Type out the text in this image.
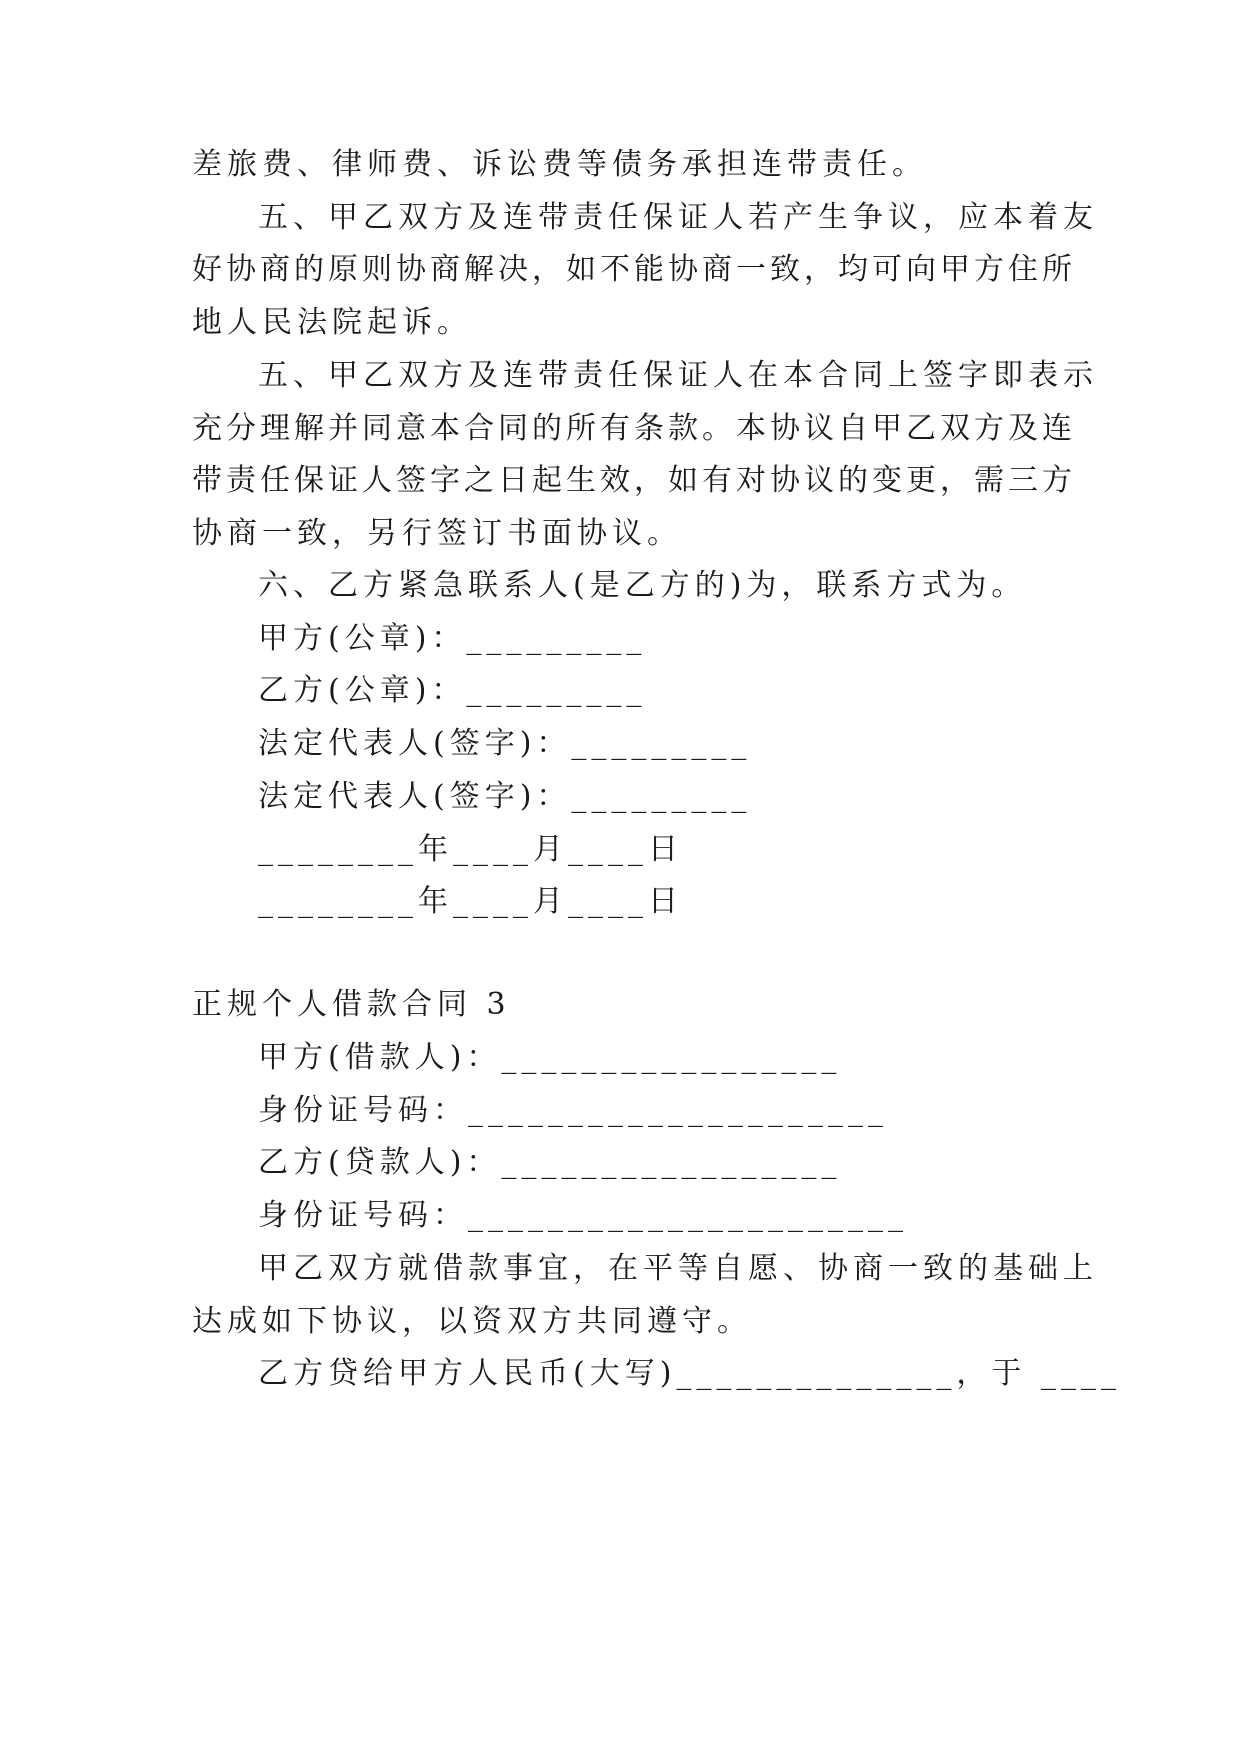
差旅费、律师费、诉讼费等债务承担连带责任。
五、甲乙双方及连带责任保证人若产生争议，应本着友
好协商的原则协商解决，如不能协商一致，均可向甲方住所
地人民法院起诉。
五、甲乙双方及连带责任保证人在本合同上签字即表示
充分理解并同意本合同的所有条款。本协议自甲乙双方及连
带责任保证人签字之日起生效，如有对协议的变更，需三方
协商一致，另行签订书面协议。
六、乙方紧急联系人(是乙方的)为，联系方式为。
甲方(公章)：_________
乙方(公章)：_________
法定代表人(签字)：_________
法定代表人(签字)：_________
________年____月____日
________年____月____日
正规个人借款合同 3
甲方(借款人)：_________________
身份证号码：_____________________
乙方(贷款人)：_________________
身份证号码：______________________
甲乙双方就借款事宜，在平等自愿、协商一致的基础上
达成如下协议，以资双方共同遵守。
乙方贷给甲方人民币(大写)______________，于 ____
